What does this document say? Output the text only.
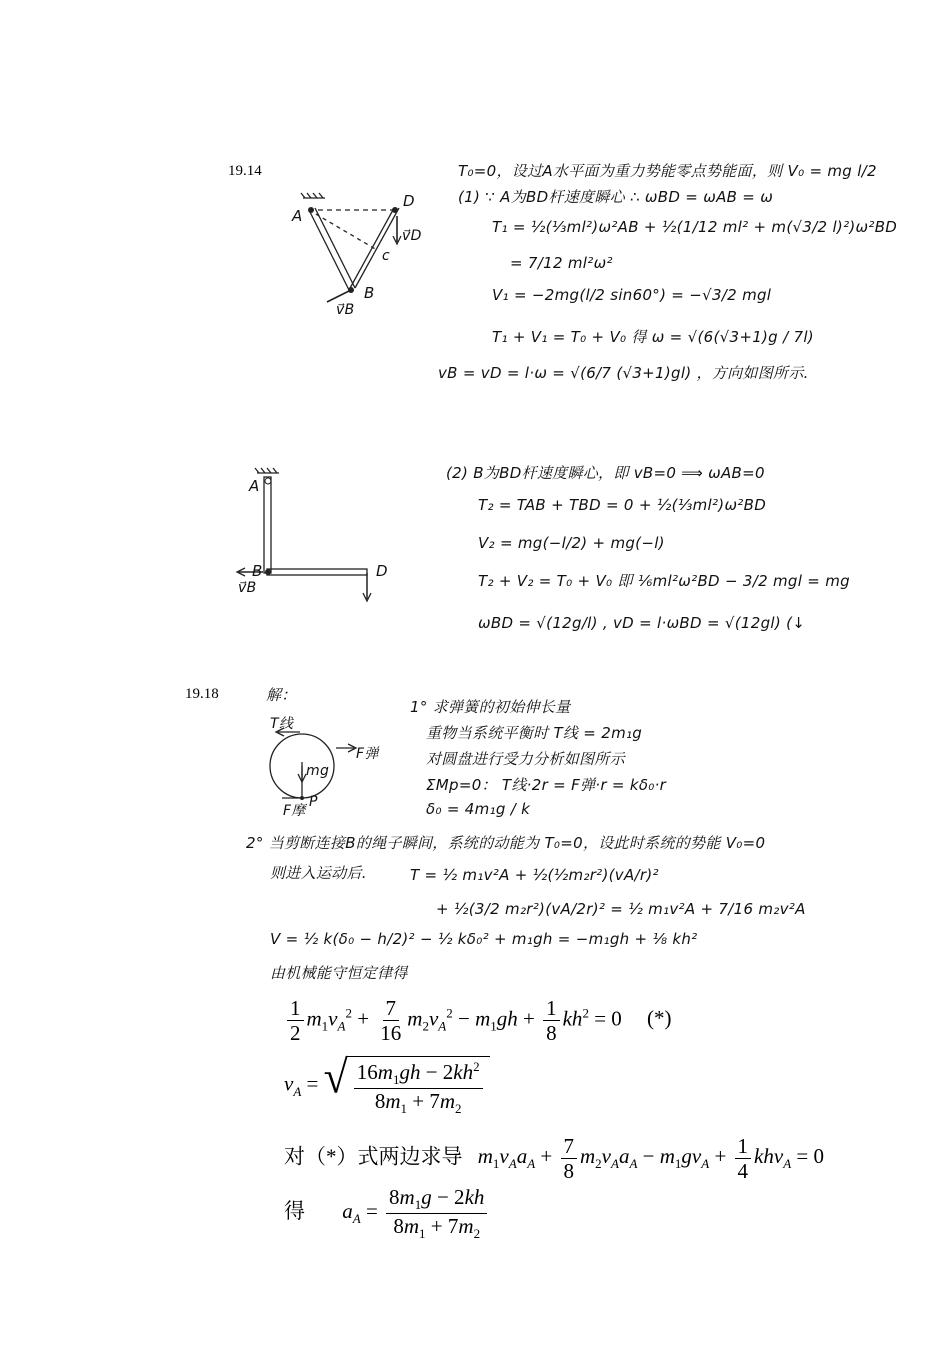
19.14
A
D
B
c
v⃗D
v⃗B
T₀=0，设过A水平面为重力势能零点势能面，则 V₀ = mg l/2
(1) ∵ A为BD杆速度瞬心 ∴ ωBD = ωAB = ω
T₁ = ½(⅓ml²)ω²AB + ½(1/12 ml² + m(√3/2 l)²)ω²BD
= 7/12 ml²ω²
V₁ = −2mg(l/2 sin60°) = −√3/2 mgl
T₁ + V₁ = T₀ + V₀ 得 ω = √(6(√3+1)g / 7l)
vB = vD = l·ω = √(6/7 (√3+1)gl) ，方向如图所示.
A
B	D
v⃗B
(2) B为BD杆速度瞬心，即 vB=0 ⟹ ωAB=0
T₂ = TAB + TBD = 0 + ½(⅓ml²)ω²BD
V₂ = mg(−l/2) + mg(−l)
T₂ + V₂ = T₀ + V₀ 即 ⅙ml²ω²BD − 3/2 mgl = mg
ωBD = √(12g/l) , vD = l·ωBD = √(12gl) (↓
19.18	解：
T线
F弹
mg
F摩
P
1° 求弹簧的初始伸长量
重物当系统平衡时 T线 = 2m₁g
对圆盘进行受力分析如图所示
ΣMp=0： T线·2r = F弹·r = kδ₀·r
δ₀ = 4m₁g / k
2° 当剪断连接B的绳子瞬间，系统的动能为 T₀=0，设此时系统的势能 V₀=0
则进入运动后.	T = ½ m₁v²A + ½(½m₂r²)(vA/r)²
+ ½(3/2 m₂r²)(vA/2r)² = ½ m₁v²A + 7/16 m₂v²A
V = ½ k(δ₀ − h/2)² − ½ kδ₀² + m₁gh = −m₁gh + ⅛ kh²
由机械能守恒定律得
$\frac{1}{2} m_1v_A^2 + \frac{7}{16} m_2v_A^2 - m_1gh + \frac{1}{8} kh^2 = 0$ (*)
$v_A$ = √ $\frac{16m_1gh - 2kh^2}{8m_1 + 7m_2}$
对（*）式两边求导 $m_1v_Aa_A + \frac{7}{8} m_2v_Aa_A - m_1gv_A + \frac{1}{4} khv_A = 0$
得 $a_A = \frac{8m_1g - 2kh}{8m_1 + 7m_2}$
